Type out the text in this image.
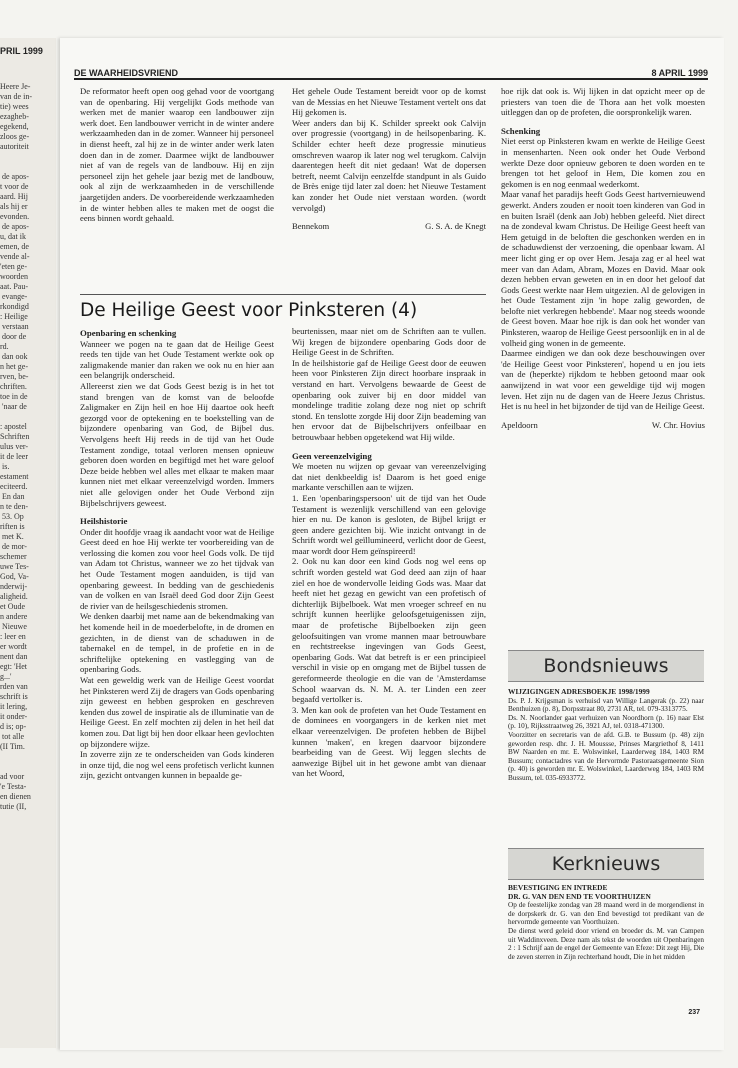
PRIL 1999
Heere Je-
van de in-
tie) wees
ezagheb-
egekend,
zloos ge-
autoriteit

de apos-
t voor de
aard. Hij
als hij er
evonden.
de apos-
u, dat ik
emen, de
vende al-
'eten ge-
woorden
aat. Pau-
evange-
rkondigd
: Heilige
verstaan
door de
rd.
dan ook
n het ge-
rven, be-
chriften.
toe in de
'naar de

: apostel
Schriften
ulus ver-
it de leer
is.
estament
eciteerd.
En dan
n te den-
53. Op
riften is
met K.
de mor-
schemer
uwe Tes-
God, Va-
nderwij-
aligheid.
et Oude
n andere
Nieuwe
: leer en
er wordt
nent dan
egt: 'Het
g...'
rden van
schrift is
it lering,
it onder-
d is; op-
tot alle
(II Tim.

ad voor
'e Testa-
en dienen
tutie (II,
DE WAARHEIDSVRIEND	8 APRIL 1999

De reformator heeft open oog gehad voor de voortgang van de openbaring. Hij vergelijkt Gods methode van werken met de manier waarop een landbouwer zijn werk doet. Een landbouwer verricht in de winter andere werkzaamheden dan in de zomer. Wanneer hij personeel in dienst heeft, zal hij ze in de winter ander werk laten doen dan in de zomer. Daarmee wijkt de landbouwer niet af van de regels van de landbouw. Hij en zijn personeel zijn het gehele jaar bezig met de landbouw, ook al zijn de werkzaamheden in de verschillende jaargetijden anders. De voorbereidende werkzaamheden in de winter hebben alles te maken met de oogst die eens binnen wordt gehaald.

Het gehele Oude Testament bereidt voor op de komst van de Messias en het Nieuwe Testament vertelt ons dat Hij gekomen is.

Weer anders dan bij K. Schilder spreekt ook Calvijn over progressie (voortgang) in de heilsopenbaring. K. Schilder echter heeft deze progressie minutieus omschreven waarop ik later nog wel terugkom. Calvijn daarentegen heeft dit niet gedaan! Wat de dopersen betreft, neemt Calvijn eenzelfde standpunt in als Guido de Brès enige tijd later zal doen: het Nieuwe Testament kan zonder het Oude niet verstaan worden. (wordt vervolgd)

Bennekom	G. S. A. de Knegt
De Heilige Geest voor Pinksteren (4)
Openbaring en schenking

Wanneer we pogen na te gaan dat de Heilige Geest reeds ten tijde van het Oude Testament werkte ook op zaligmakende manier dan raken we ook nu en hier aan een belangrijk onderscheid.

Allereerst zien we dat Gods Geest bezig is in het tot stand brengen van de komst van de beloofde Zaligmaker en Zijn heil en hoe Hij daartoe ook heeft gezorgd voor de optekening en te boekstelling van de bijzondere openbaring van God, de Bijbel dus. Vervolgens heeft Hij reeds in de tijd van het Oude Testament zondige, totaal verloren mensen opnieuw geboren doen worden en begiftigd met het ware geloof Deze beide hebben wel alles met elkaar te maken maar kunnen niet met elkaar vereenzelvigd worden. Immers niet alle gelovigen onder het Oude Verbond zijn Bijbelschrijvers geweest.

Heilshistorie

Onder dit hoofdje vraag ik aandacht voor wat de Heilige Geest deed en hoe Hij werkte ter voorbereiding van de verlossing die komen zou voor heel Gods volk. De tijd van Adam tot Christus, wanneer we zo het tijdvak van het Oude Testament mogen aanduiden, is tijd van openbaring geweest. In bedding van de geschiedenis van de volken en van Israël deed God door Zijn Geest de rivier van de heilsgeschiedenis stromen.

We denken daarbij met name aan de bekendmaking van het komende heil in de moederbelofte, in de dromen en gezichten, in de dienst van de schaduwen in de tabernakel en de tempel, in de profetie en in de schriftelijke optekening en vastlegging van de openbaring Gods.

Wat een geweldig werk van de Heilige Geest voordat het Pinksteren werd Zij de dragers van Gods openbaring zijn geweest en hebben gesproken en geschreven kenden dus zowel de inspiratie als de illuminatie van de Heilige Geest. En zelf mochten zij delen in het heil dat komen zou. Dat ligt bij hen door elkaar heen gevlochten op bijzondere wijze.

In zoverre zijn ze te onderscheiden van Gods kinderen in onze tijd, die nog wel eens profetisch verlicht kunnen zijn, gezicht ontvangen kunnen in bepaalde ge-

beurtenissen, maar niet om de Schriften aan te vullen. Wij kregen de bijzondere openbaring Gods door de Heilige Geest in de Schriften.

In de heilshistorie gaf de Heilige Geest door de eeuwen heen voor Pinksteren Zijn direct hoorbare inspraak in verstand en hart. Vervolgens bewaarde de Geest de openbaring ook zuiver bij en door middel van mondelinge traditie zolang deze nog niet op schrift stond. En tenslotte zorgde Hij door Zijn beademing van hen ervoor dat de Bijbelschrijvers onfeilbaar en betrouwbaar hebben opgetekend wat Hij wilde.

Geen vereenzelviging

We moeten nu wijzen op gevaar van vereenzelviging dat niet denkbeeldig is! Daarom is het goed enige markante verschillen aan te wijzen.

1. Een 'openbaringspersoon' uit de tijd van het Oude Testament is wezenlijk verschillend van een gelovige hier en nu. De kanon is gesloten, de Bijbel krijgt er geen andere gezichten bij. Wie inzicht ontvangt in de Schrift wordt wel geïllumineerd, verlicht door de Geest, maar wordt door Hem geïnspireerd!

2. Ook nu kan door een kind Gods nog wel eens op schrift worden gesteld wat God deed aan zijn of haar ziel en hoe de wondervolle leiding Gods was. Maar dat heeft niet het gezag en gewicht van een profetisch of dichterlijk Bijbelboek. Wat men vroeger schreef en nu schrijft kunnen heerlijke geloofsgetuigenissen zijn, maar de profetische Bijbelboeken zijn geen geloofsuitingen van vrome mannen maar betrouwbare en rechtstreekse ingevingen van Gods Geest, openbaring Gods. Wat dat betreft is er een principieel verschil in visie op en omgang met de Bijbel tussen de gereformeerde theologie en die van de 'Amsterdamse School waarvan ds. N. M. A. ter Linden een zeer begaafd vertolker is.

3. Men kan ook de profeten van het Oude Testament en de dominees en voorgangers in de kerken niet met elkaar vereenzelvigen. De profeten hebben de Bijbel kunnen 'maken', en kregen daarvoor bijzondere bearbeiding van de Geest. Wij leggen slechts de aanwezige Bijbel uit in het gewone ambt van dienaar van het Woord,

hoe rijk dat ook is. Wij lijken in dat opzicht meer op de priesters van toen die de Thora aan het volk moesten uitleggen dan op de profeten, die oorspronkelijk waren.

Schenking

Niet eerst op Pinksteren kwam en werkte de Heilige Geest in mensenharten. Neen ook onder het Oude Verbond werkte Deze door opnieuw geboren te doen worden en te brengen tot het geloof in Hem, Die komen zou en gekomen is en nog eenmaal wederkomt.

Maar vanaf het paradijs heeft Gods Geest hartvernieuwend gewerkt. Anders zouden er nooit toen kinderen van God in en buiten Israël (denk aan Job) hebben geleefd. Niet direct na de zondeval kwam Christus. De Heilige Geest heeft van Hem getuigd in de beloften die geschonken werden en in de schaduwdienst der verzoening, die openbaar kwam. Al meer licht ging er op over Hem. Jesaja zag er al heel wat meer van dan Adam, Abram, Mozes en David. Maar ook dezen hebben ervan geweten en in en door het geloof dat Gods Geest werkte naar Hem uitgezien. Al de gelovigen in het Oude Testament zijn 'in hope zalig geworden, de belofte niet verkregen hebbende'. Maar nog steeds woonde de Geest boven. Maar hoe rijk is dan ook het wonder van Pinksteren, waarop de Heilige Geest persoonlijk en in al de volheid ging wonen in de gemeente.

Daarmee eindigen we dan ook deze beschouwingen over 'de Heilige Geest voor Pinksteren', hopend u en jou iets van de (heperkte) rijkdom te hebben getoond maar ook aanwijzend in wat voor een geweldige tijd wij mogen leven. Het zijn nu de dagen van de Heere Jezus Christus. Het is nu heel in het bijzonder de tijd van de Heilige Geest.

Apeldoorn	W. Chr. Hovius
Bondsnieuws
WIJZIGINGEN ADRESBOEKJE 1998/1999

Ds. P. J. Krijgsman is verhuisd van Willige Langerak (p. 22) naar Benthuizen (p. 8), Dorpsstraat 80, 2731 AR, tel. 079-3313775.

Ds. N. Noorlander gaat verhuizen van Noordhorn (p. 16) naar Elst (p. 10), Rijksstraatweg 26, 3921 AJ, tel. 0318-471300.

Voorzitter en secretaris van de afd. G.B. te Bussum (p. 48) zijn geworden resp. dhr. J. H. Moussse, Prinses Margriethof 8, 1411 BW Naarden en mr. E. Wolswinkel, Laarderweg 184, 1403 RM Bussum; contactadres van de Hervormde Pastoraatsgemeente Sion (p. 40) is geworden mr. E. Wolswinkel, Laarderweg 184, 1403 RM Bussum, tel. 035-6933772.

Kerknieuws
BEVESTIGING EN INTREDE
DR. G. VAN DEN END TE VOORTHUIZEN

Op de feestelijke zondag van 28 maand werd in de morgendienst in de dorpskerk dr. G. van den End bevestigd tot predikant van de hervormde gemeente van Voorthuizen.

De dienst werd geleid door vriend en broeder ds. M. van Campen uit Waddinxveen. Deze nam als tekst de woorden uit Openbaringen 2 : 1 Schrijf aan de engel der Gemeente van Efeze: Dit zegt Hij, Die de zeven sterren in Zijn rechterhand houdt, Die in het midden

237
